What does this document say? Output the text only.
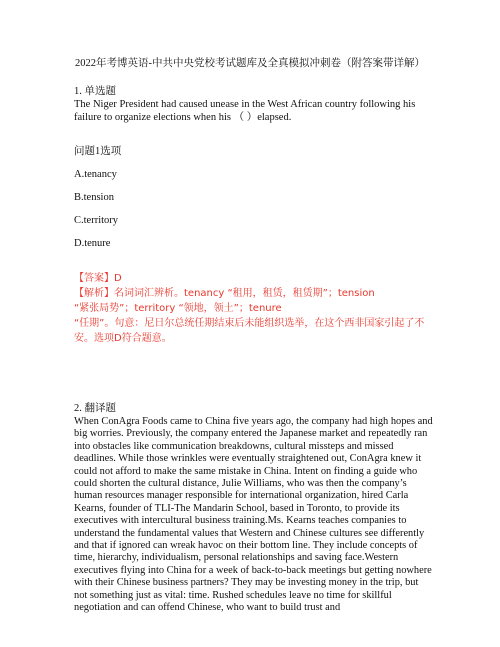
2022年考博英语-中共中央党校考试题库及全真模拟冲刺卷（附答案带详解）
1. 单选题
The Niger President had caused unease in the West African country following his failure to organize elections when his （ ）elapsed.
问题1选项
A.tenancy
B.tension
C.territory
D.tenure
【答案】D
【解析】名词词汇辨析。tenancy “租用，租赁，租赁期”；tension
“紧张局势”；territory “领地，领土”；tenure
“任期”。句意：尼日尔总统任期结束后未能组织选举，在这个西非国家引起了不
安。选项D符合题意。
2. 翻译题

When ConAgra Foods came to China five years ago, the company had high hopes and big worries. Previously, the company entered the Japanese market and repeatedly ran into obstacles like communication breakdowns, cultural missteps and missed deadlines. While those wrinkles were eventually straightened out, ConAgra knew it could not afford to make the same mistake in China. Intent on finding a guide who could shorten the cultural distance, Julie Williams, who was then the company’s human resources manager responsible for international organization, hired Carla Kearns, founder of TLI-The Mandarin School, based in Toronto, to provide its executives with intercultural business training.Ms. Kearns teaches companies to understand the fundamental values that Western and Chinese cultures see differently and that if ignored can wreak havoc on their bottom line. They include concepts of time, hierarchy, individualism, personal relationships and saving face.Western executives flying into China for a week of back-to-back meetings but getting nowhere with their Chinese business partners? They may be investing money in the trip, but not something just as vital: time. Rushed schedules leave no time for skillful negotiation and can offend Chinese, who want to build trust and
